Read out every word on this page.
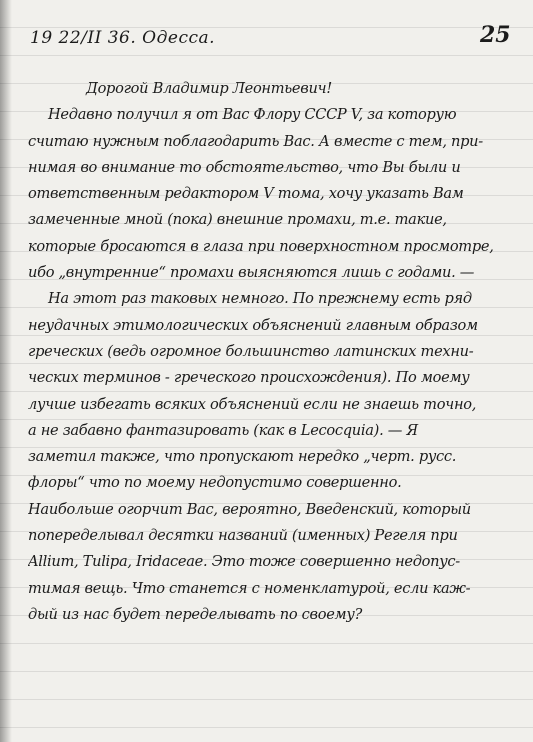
19 22/II 36. Одесса.	25
Дорогой Владимир Леонтьевич!
Недавно получил я от Вас Флору СССР V, за которую
считаю нужным поблагодарить Вас. А вместе с тем, при-
нимая во внимание то обстоятельство, что Вы были и
ответственным редактором V тома, хочу указать Вам
замеченные мной (пока) внешние промахи, т.е. такие,
которые бросаются в глаза при поверхностном просмотре,
ибо „внутренние“ промахи выясняются лишь с годами. —
На этот раз таковых немного. По прежнему есть ряд
неудачных этимологических объяснений главным образом
греческих (ведь огромное большинство латинских техни-
ческих терминов - греческого происхождения). По моему
лучше избегать всяких объяснений если не знаешь точно,
а не забавно фантазировать (как в Lecocquia). — Я
заметил также, что пропускают нередко „черт. русс.
флоры“ что по моему недопустимо совершенно.
Наибольше огорчит Вас, вероятно, Введенский, который
попеределывал десятки названий (именных) Регеля при
Allium, Tulipa, Iridaceae. Это тоже совершенно недопус-
тимая вещь. Что станется с номенклатурой, если каж-
дый из нас будет переделывать по своему?
